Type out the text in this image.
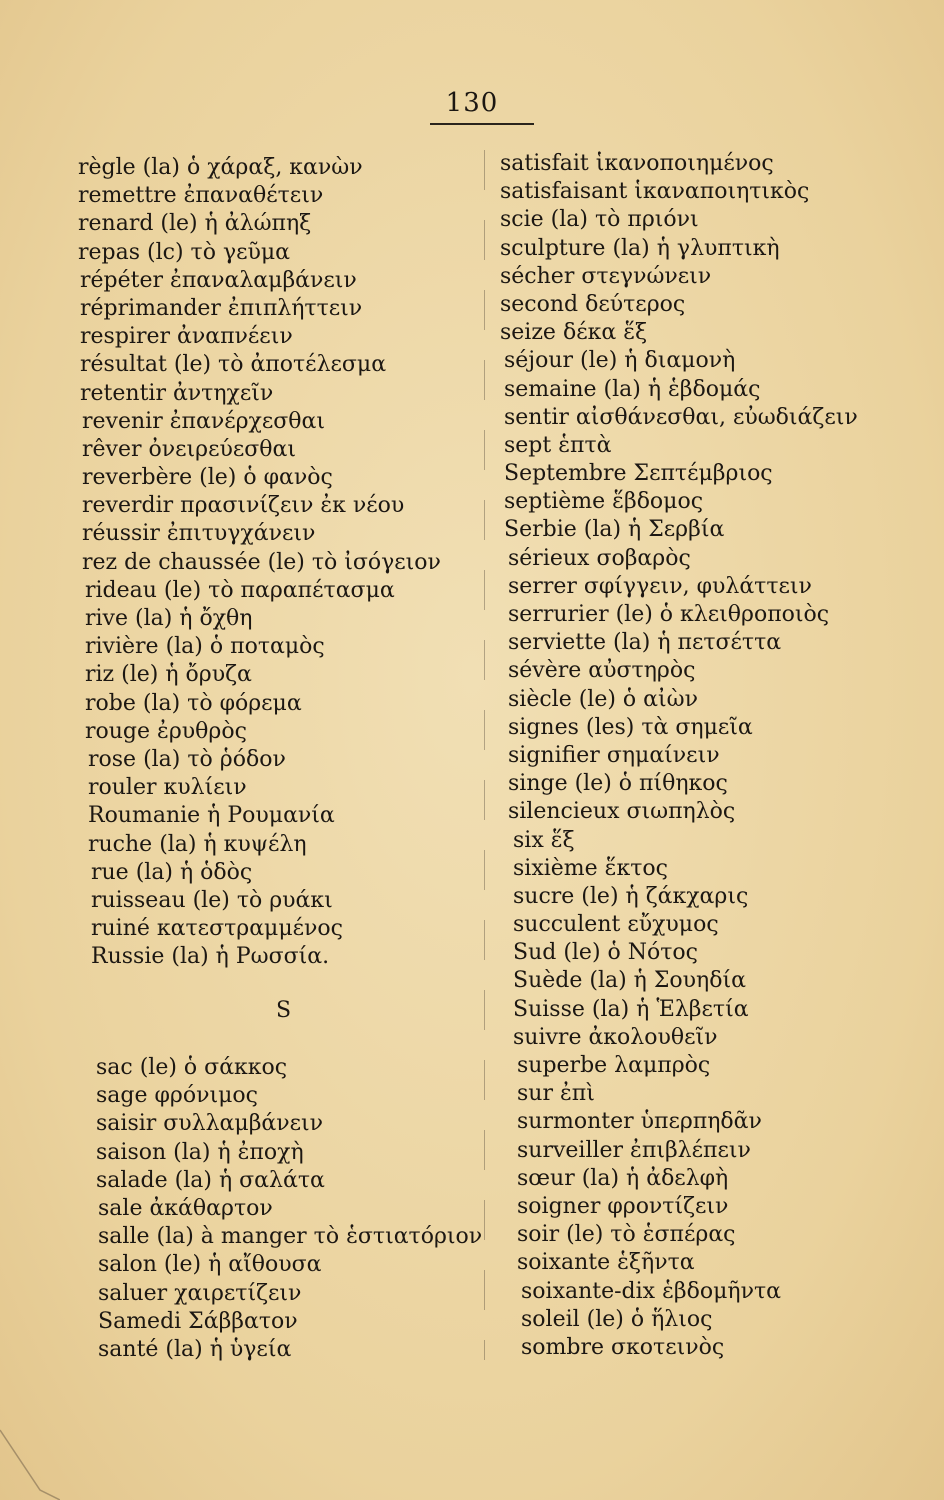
130
règle (la) ὁ χάραξ, κανὼν
remettre ἐπαναθέτειν
renard (le) ἡ ἀλώπηξ
repas (lc) τὸ γεῦμα
répéter ἐπαναλαμβάνειν
réprimander ἐπιπλήττειν
respirer ἀναπνέειν
résultat (le) τὸ ἀποτέλεσμα
retentir ἀντηχεῖν
revenir ἐπανέρχεσθαι
rêver ὀνειρεύεσθαι
reverbère (le) ὁ φανὸς
reverdir πρασινίζειν ἐκ νέου
réussir ἐπιτυγχάνειν
rez de chaussée (le) τὸ ἰσόγειον
rideau (le) τὸ παραπέτασμα
rive (la) ἡ ὄχθη
rivière (la) ὁ ποταμὸς
riz (le) ἡ ὄρυζα
robe (la) τὸ φόρεμα
rouge ἐρυθρὸς
rose (la) τὸ ῥόδον
rouler κυλίειν
Roumanie ἡ Ρουμανία
ruche (la) ἡ κυψέλη
rue (la) ἡ ὁδὸς
ruisseau (le) τὸ ρυάκι
ruiné κατεστραμμένος
Russie (la) ἡ Ρωσσία.
S
sac (le) ὁ σάκκος
sage φρόνιμος
saisir συλλαμβάνειν
saison (la) ἡ ἐποχὴ
salade (la) ἡ σαλάτα
sale ἀκάθαρτον
salle (la) à manger τὸ ἑστιατόριον
salon (le) ἡ αἴθουσα
saluer χαιρετίζειν
Samedi Σάββατον
santé (la) ἡ ὑγεία
satisfait ἱκανοποιημένος
satisfaisant ἱκαναποιητικὸς
scie (la) τὸ πριόνι
sculpture (la) ἡ γλυπτικὴ
sécher στεγνώνειν
second δεύτερος
seize δέκα ἕξ
séjour (le) ἡ διαμονὴ
semaine (la) ἡ ἑβδομάς
sentir αἰσθάνεσθαι, εὐωδιάζειν
sept ἑπτὰ
Septembre Σεπτέμβριος
septième ἕβδομος
Serbie (la) ἡ Σερβία
sérieux σοβαρὸς
serrer σφίγγειν, φυλάττειν
serrurier (le) ὁ κλειθροποιὸς
serviette (la) ἡ πετσέττα
sévère αὐστηρὸς
siècle (le) ὁ αἰὼν
signes (les) τὰ σημεῖα
signifier σημαίνειν
singe (le) ὁ πίθηκος
silencieux σιωπηλὸς
six ἕξ
sixième ἕκτος
sucre (le) ἡ ζάκχαρις
succulent εὔχυμος
Sud (le) ὁ Νότος
Suède (la) ἡ Σουηδία
Suisse (la) ἡ Ἑλβετία
suivre ἀκολουθεῖν
superbe λαμπρὸς
sur ἐπὶ
surmonter ὑπερπηδᾶν
surveiller ἐπιβλέπειν
sœur (la) ἡ ἀδελφὴ
soigner φροντίζειν
soir (le) τὸ ἑσπέρας
soixante ἑξῆντα
soixante-dix ἑβδομῆντα
soleil (le) ὁ ἥλιος
sombre σκοτεινὸς
